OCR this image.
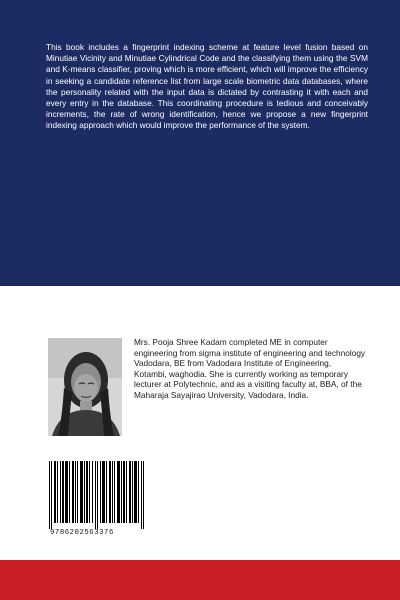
This book includes a fingerprint indexing scheme at feature level fusion based on Minutiae Vicinity and Minutiae Cylindrical Code and the classifying them using the SVM and K-means classifier, proving which is more efficient, which will improve the efficiency in seeking a candidate reference list from large scale biometric data databases, where the personality related with the input data is dictated by contrasting it with each and every entry in the database. This coordinating procedure is tedious and conceivably increments, the rate of wrong identification, hence we propose a new fingerprint indexing approach which would improve the performance of the system.

Mrs. Pooja Shree Kadam completed ME in computer engineering from sigma institute of engineering and technology Vadodara, BE from Vadodara Institute of Engineering, Kotambi, waghodia. She is currently working as temporary lecturer at Polytechnic, and as a visiting faculty at, BBA, of the Maharaja Sayajirao University, Vadodara, India.

9786202563376
